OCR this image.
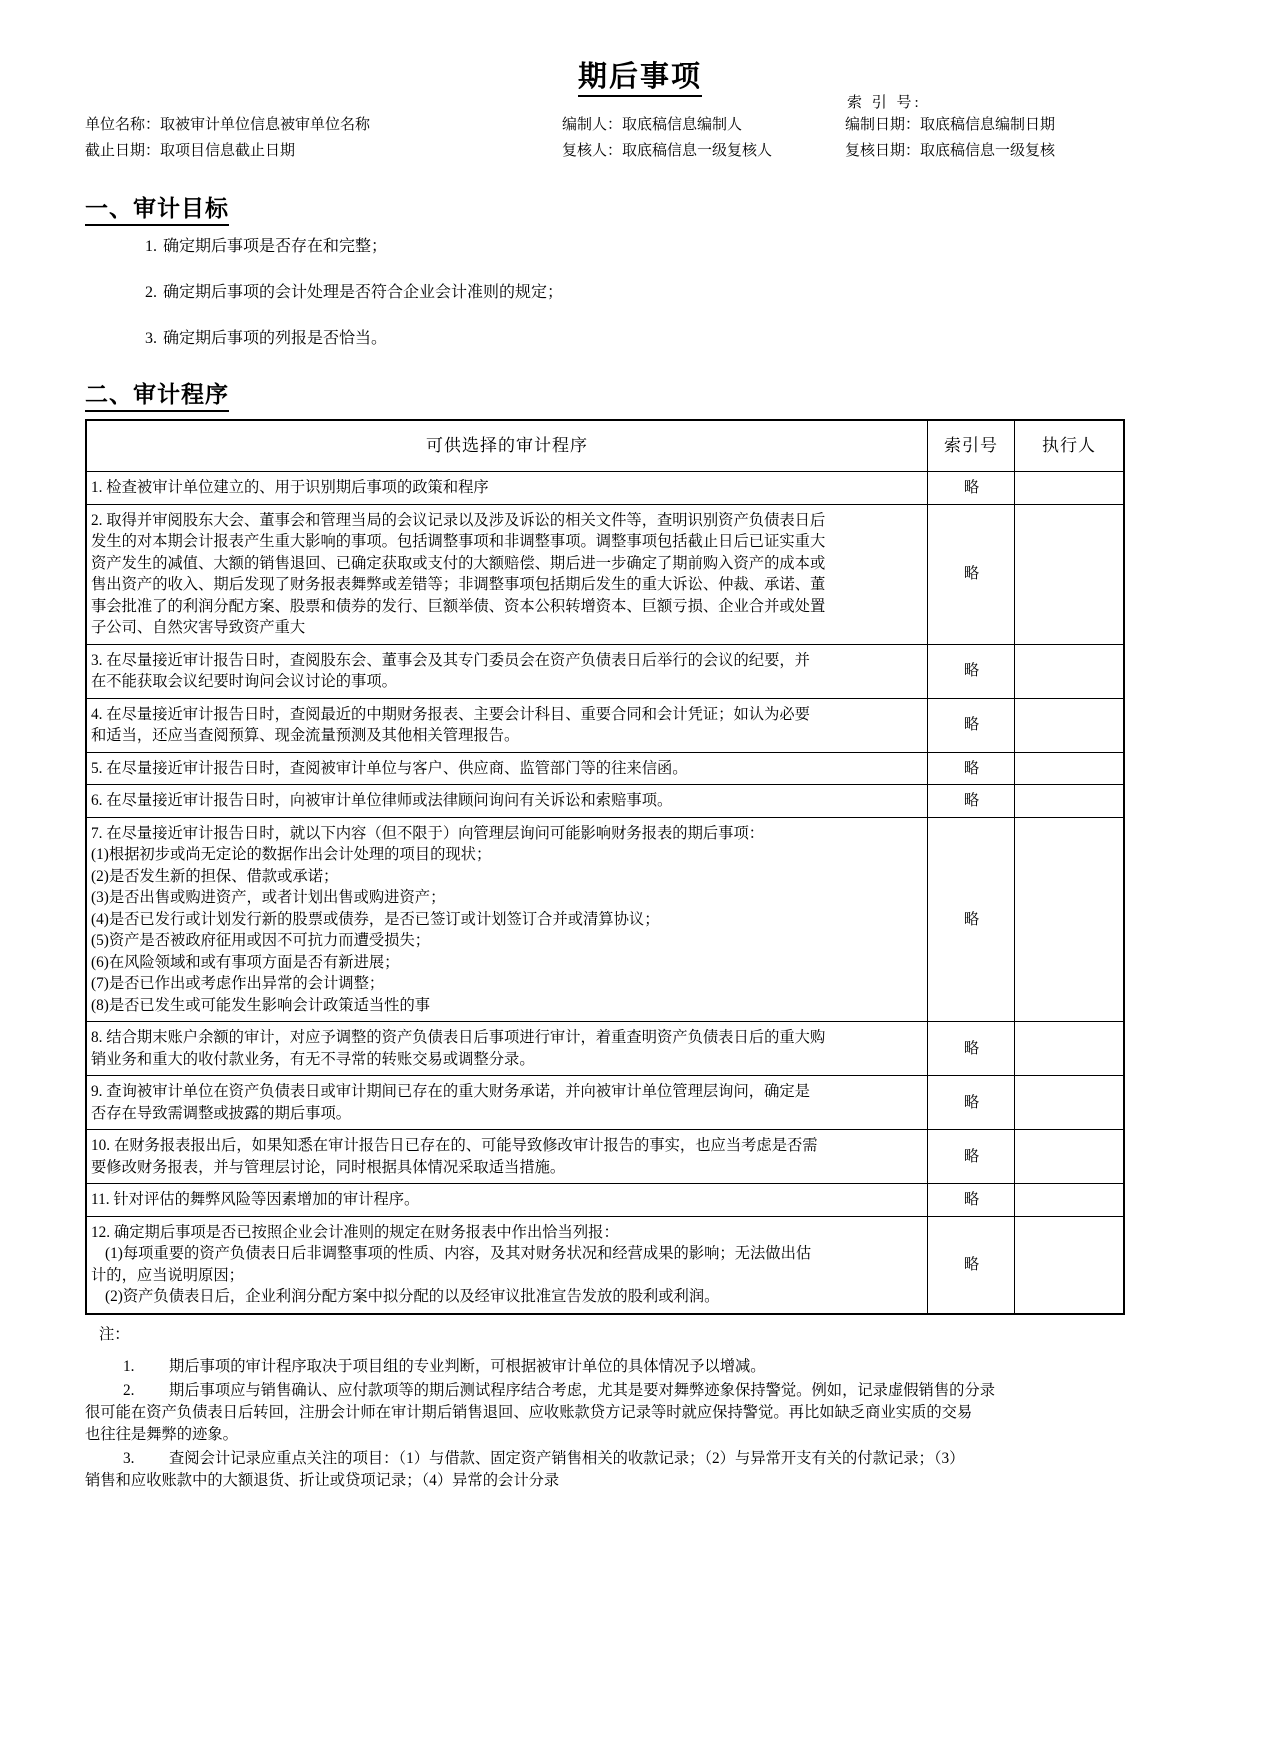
期后事项
索 引 号:
单位名称：取被审计单位信息被审单位名称	编制人：取底稿信息编制人	编制日期：取底稿信息编制日期
截止日期：取项目信息截止日期	复核人：取底稿信息一级复核人	复核日期：取底稿信息一级复核
一、审计目标
1. 确定期后事项是否存在和完整；
2. 确定期后事项的会计处理是否符合企业会计准则的规定；
3. 确定期后事项的列报是否恰当。
二、审计程序
可供选择的审计程序	索引号	执行人

1. 检查被审计单位建立的、用于识别期后事项的政策和程序	略	

2. 取得并审阅股东大会、董事会和管理当局的会议记录以及涉及诉讼的相关文件等，查明识别资产负债表日后
发生的对本期会计报表产生重大影响的事项。包括调整事项和非调整事项。调整事项包括截止日后已证实重大
资产发生的减值、大额的销售退回、已确定获取或支付的大额赔偿、期后进一步确定了期前购入资产的成本或
售出资产的收入、期后发现了财务报表舞弊或差错等；非调整事项包括期后发生的重大诉讼、仲裁、承诺、董
事会批准了的利润分配方案、股票和债券的发行、巨额举债、资本公积转增资本、巨额亏损、企业合并或处置
子公司、自然灾害导致资产重大
	略	

3. 在尽量接近审计报告日时，查阅股东会、董事会及其专门委员会在资产负债表日后举行的会议的纪要，并
在不能获取会议纪要时询问会议讨论的事项。	略	

4. 在尽量接近审计报告日时，查阅最近的中期财务报表、主要会计科目、重要合同和会计凭证；如认为必要
和适当，还应当查阅预算、现金流量预测及其他相关管理报告。	略	

5. 在尽量接近审计报告日时，查阅被审计单位与客户、供应商、监管部门等的往来信函。	略	

6. 在尽量接近审计报告日时，向被审计单位律师或法律顾问询问有关诉讼和索赔事项。	略	

7. 在尽量接近审计报告日时，就以下内容（但不限于）向管理层询问可能影响财务报表的期后事项：
(1)根据初步或尚无定论的数据作出会计处理的项目的现状；
(2)是否发生新的担保、借款或承诺；
(3)是否出售或购进资产，或者计划出售或购进资产；
(4)是否已发行或计划发行新的股票或债券，是否已签订或计划签订合并或清算协议；
(5)资产是否被政府征用或因不可抗力而遭受损失；
(6)在风险领域和或有事项方面是否有新进展；
(7)是否已作出或考虑作出异常的会计调整；
(8)是否已发生或可能发生影响会计政策适当性的事
	略	

8. 结合期末账户余额的审计，对应予调整的资产负债表日后事项进行审计，着重查明资产负债表日后的重大购
销业务和重大的收付款业务，有无不寻常的转账交易或调整分录。	略	

9. 查询被审计单位在资产负债表日或审计期间已存在的重大财务承诺，并向被审计单位管理层询问，确定是
否存在导致需调整或披露的期后事项。	略	

10. 在财务报表报出后，如果知悉在审计报告日已存在的、可能导致修改审计报告的事实，也应当考虑是否需
要修改财务报表，并与管理层讨论，同时根据具体情况采取适当措施。	略	

11. 针对评估的舞弊风险等因素增加的审计程序。	略	

12. 确定期后事项是否已按照企业会计准则的规定在财务报表中作出恰当列报：
(1)每项重要的资产负债表日后非调整事项的性质、内容，及其对财务状况和经营成果的影响；无法做出估
计的，应当说明原因；
(2)资产负债表日后，企业利润分配方案中拟分配的以及经审议批准宣告发放的股利或利润。	略	
注：
1. 期后事项的审计程序取决于项目组的专业判断，可根据被审计单位的具体情况予以增减。
2. 期后事项应与销售确认、应付款项等的期后测试程序结合考虑，尤其是要对舞弊迹象保持警觉。例如，记录虚假销售的分录
很可能在资产负债表日后转回，注册会计师在审计期后销售退回、应收账款贷方记录等时就应保持警觉。再比如缺乏商业实质的交易
也往往是舞弊的迹象。
3. 查阅会计记录应重点关注的项目：（1）与借款、固定资产销售相关的收款记录；（2）与异常开支有关的付款记录；（3）
销售和应收账款中的大额退货、折让或贷项记录；（4）异常的会计分录
